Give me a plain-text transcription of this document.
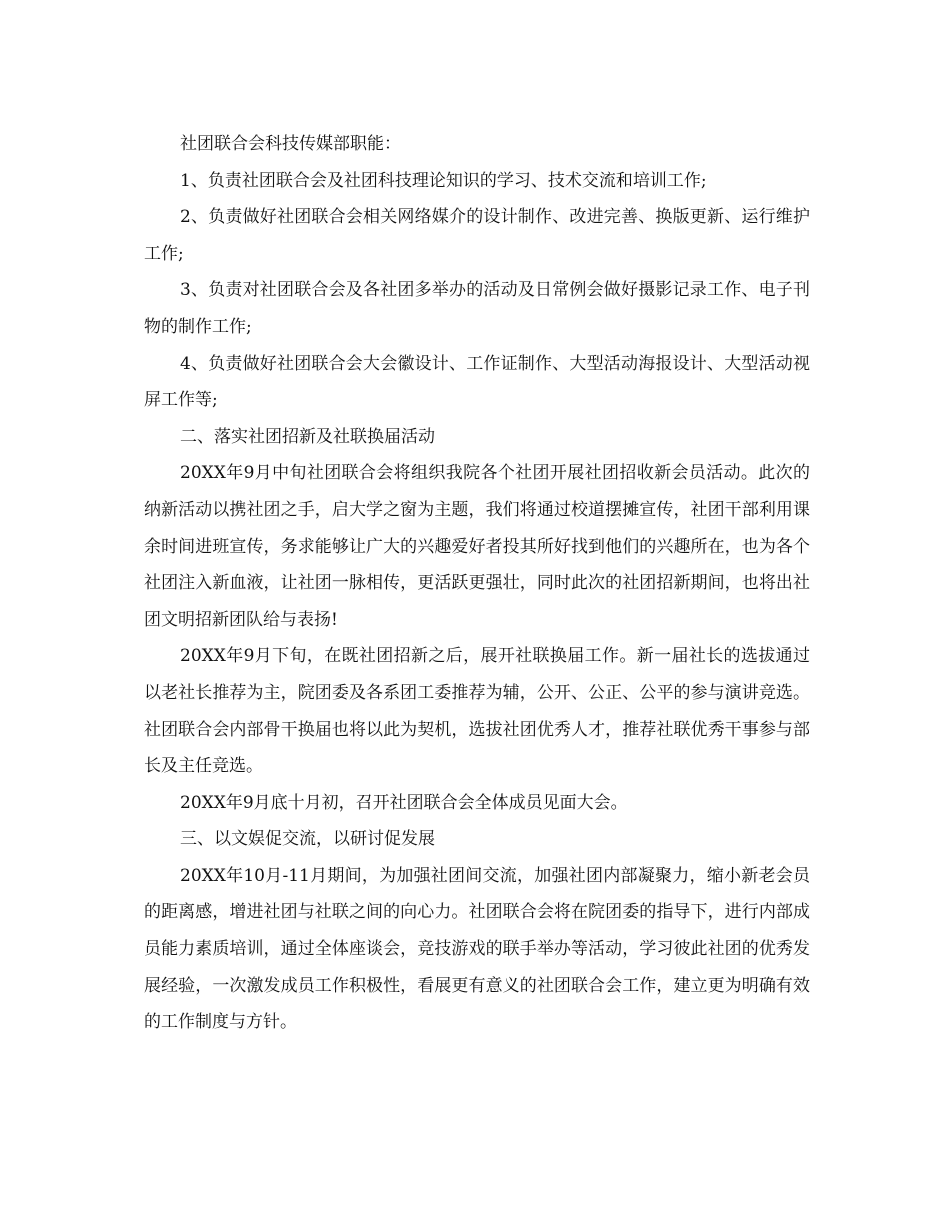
社团联合会科技传媒部职能：

1、负责社团联合会及社团科技理论知识的学习、技术交流和培训工作;

2、负责做好社团联合会相关网络媒介的设计制作、改进完善、换版更新、运行维护工作;

3、负责对社团联合会及各社团多举办的活动及日常例会做好摄影记录工作、电子刊物的制作工作;

4、负责做好社团联合会大会徽设计、工作证制作、大型活动海报设计、大型活动视屏工作等;

二、落实社团招新及社联换届活动

20XX年9月中旬社团联合会将组织我院各个社团开展社团招收新会员活动。此次的纳新活动以携社团之手，启大学之窗为主题，我们将通过校道摆摊宣传，社团干部利用课余时间进班宣传，务求能够让广大的兴趣爱好者投其所好找到他们的兴趣所在，也为各个社团注入新血液，让社团一脉相传，更活跃更强壮，同时此次的社团招新期间，也将出社团文明招新团队给与表扬!

20XX年9月下旬，在既社团招新之后，展开社联换届工作。新一届社长的选拔通过以老社长推荐为主，院团委及各系团工委推荐为辅，公开、公正、公平的参与演讲竞选。社团联合会内部骨干换届也将以此为契机，选拔社团优秀人才，推荐社联优秀干事参与部长及主任竞选。

20XX年9月底十月初，召开社团联合会全体成员见面大会。

三、以文娱促交流，以研讨促发展

20XX年10月-11月期间，为加强社团间交流，加强社团内部凝聚力，缩小新老会员的距离感，增进社团与社联之间的向心力。社团联合会将在院团委的指导下，进行内部成员能力素质培训，通过全体座谈会，竞技游戏的联手举办等活动，学习彼此社团的优秀发展经验，一次激发成员工作积极性，看展更有意义的社团联合会工作，建立更为明确有效的工作制度与方针。
